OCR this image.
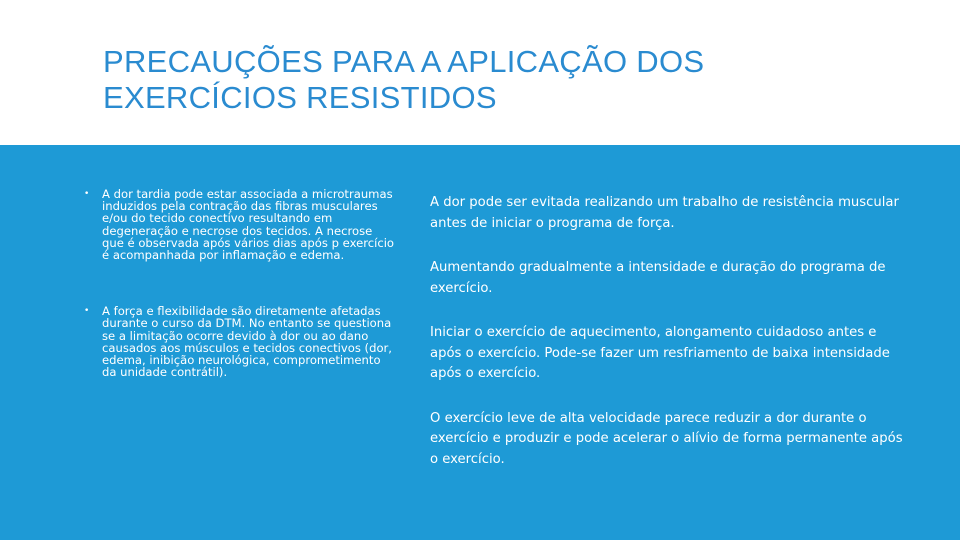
PRECAUÇÕES PARA A APLICAÇÃO DOS
EXERCÍCIOS RESISTIDOS

• A dor tardia pode estar associada a microtraumas induzidos pela contração das fibras musculares e/ou do tecido conectivo resultando em degeneração e necrose dos tecidos. A necrose que é observada após vários dias após p exercício é acompanhada por inflamação e edema.

• A força e flexibilidade são diretamente afetadas durante o curso da DTM. No entanto se questiona se a limitação ocorre devido à dor ou ao dano causados aos músculos e tecidos conectivos (dor, edema, inibição neurológica, comprometimento da unidade contrátil).

A dor pode ser evitada realizando um trabalho de resistência muscular antes de iniciar o programa de força.

Aumentando gradualmente a intensidade e duração do programa de exercício.

Iniciar o exercício de aquecimento, alongamento cuidadoso antes e após o exercício. Pode-se fazer um resfriamento de baixa intensidade após o exercício.

O exercício leve de alta velocidade parece reduzir a dor durante o exercício e produzir e pode acelerar o alívio de forma permanente após o exercício.
